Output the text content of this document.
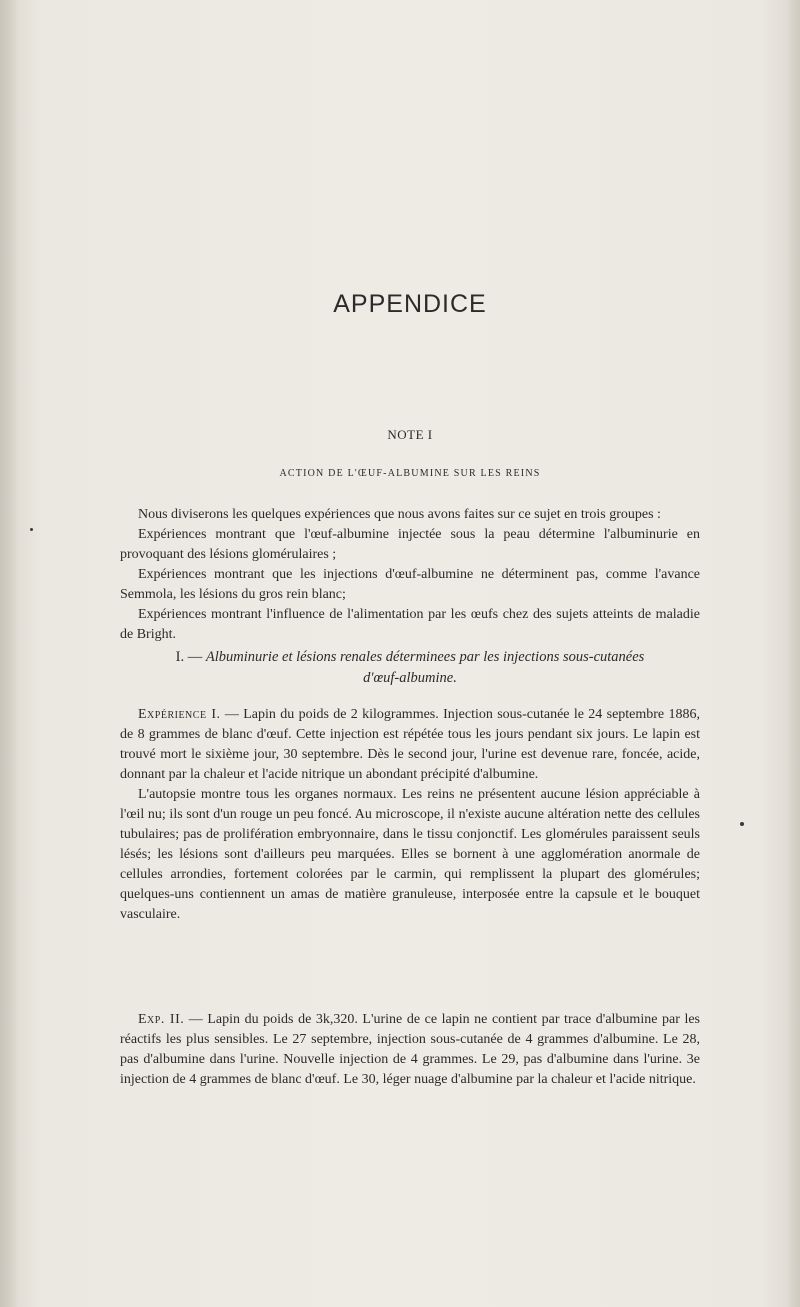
APPENDICE
NOTE I
ACTION DE L'ŒUF-ALBUMINE SUR LES REINS

Nous diviserons les quelques expériences que nous avons faites sur ce sujet en trois groupes :

Expériences montrant que l'œuf-albumine injectée sous la peau détermine l'albuminurie en provoquant des lésions glomérulaires ;

Expériences montrant que les injections d'œuf-albumine ne déterminent pas, comme l'avance Semmola, les lésions du gros rein blanc;

Expériences montrant l'influence de l'alimentation par les œufs chez des sujets atteints de maladie de Bright.

I. — Albuminurie et lésions renales déterminees par les injections sous-cutanées
d'œuf-albumine.

Expérience I. — Lapin du poids de 2 kilogrammes. Injection sous-cutanée le 24 septembre 1886, de 8 grammes de blanc d'œuf. Cette injection est répétée tous les jours pendant six jours. Le lapin est trouvé mort le sixième jour, 30 septembre. Dès le second jour, l'urine est devenue rare, foncée, acide, donnant par la chaleur et l'acide nitrique un abondant précipité d'albumine.

L'autopsie montre tous les organes normaux. Les reins ne présentent aucune lésion appréciable à l'œil nu; ils sont d'un rouge un peu foncé. Au microscope, il n'existe aucune altération nette des cellules tubulaires; pas de prolifération embryonnaire, dans le tissu conjonctif. Les glomérules paraissent seuls lésés; les lésions sont d'ailleurs peu marquées. Elles se bornent à une agglomération anormale de cellules arrondies, fortement colorées par le carmin, qui remplissent la plupart des glomérules; quelques-uns contiennent un amas de matière granuleuse, interposée entre la capsule et le bouquet vasculaire.

Exp. II. — Lapin du poids de 3k,320. L'urine de ce lapin ne contient par trace d'albumine par les réactifs les plus sensibles. Le 27 septembre, injection sous-cutanée de 4 grammes d'albumine. Le 28, pas d'albumine dans l'urine. Nouvelle injection de 4 grammes. Le 29, pas d'albumine dans l'urine. 3e injection de 4 grammes de blanc d'œuf. Le 30, léger nuage d'albumine par la chaleur et l'acide nitrique.
